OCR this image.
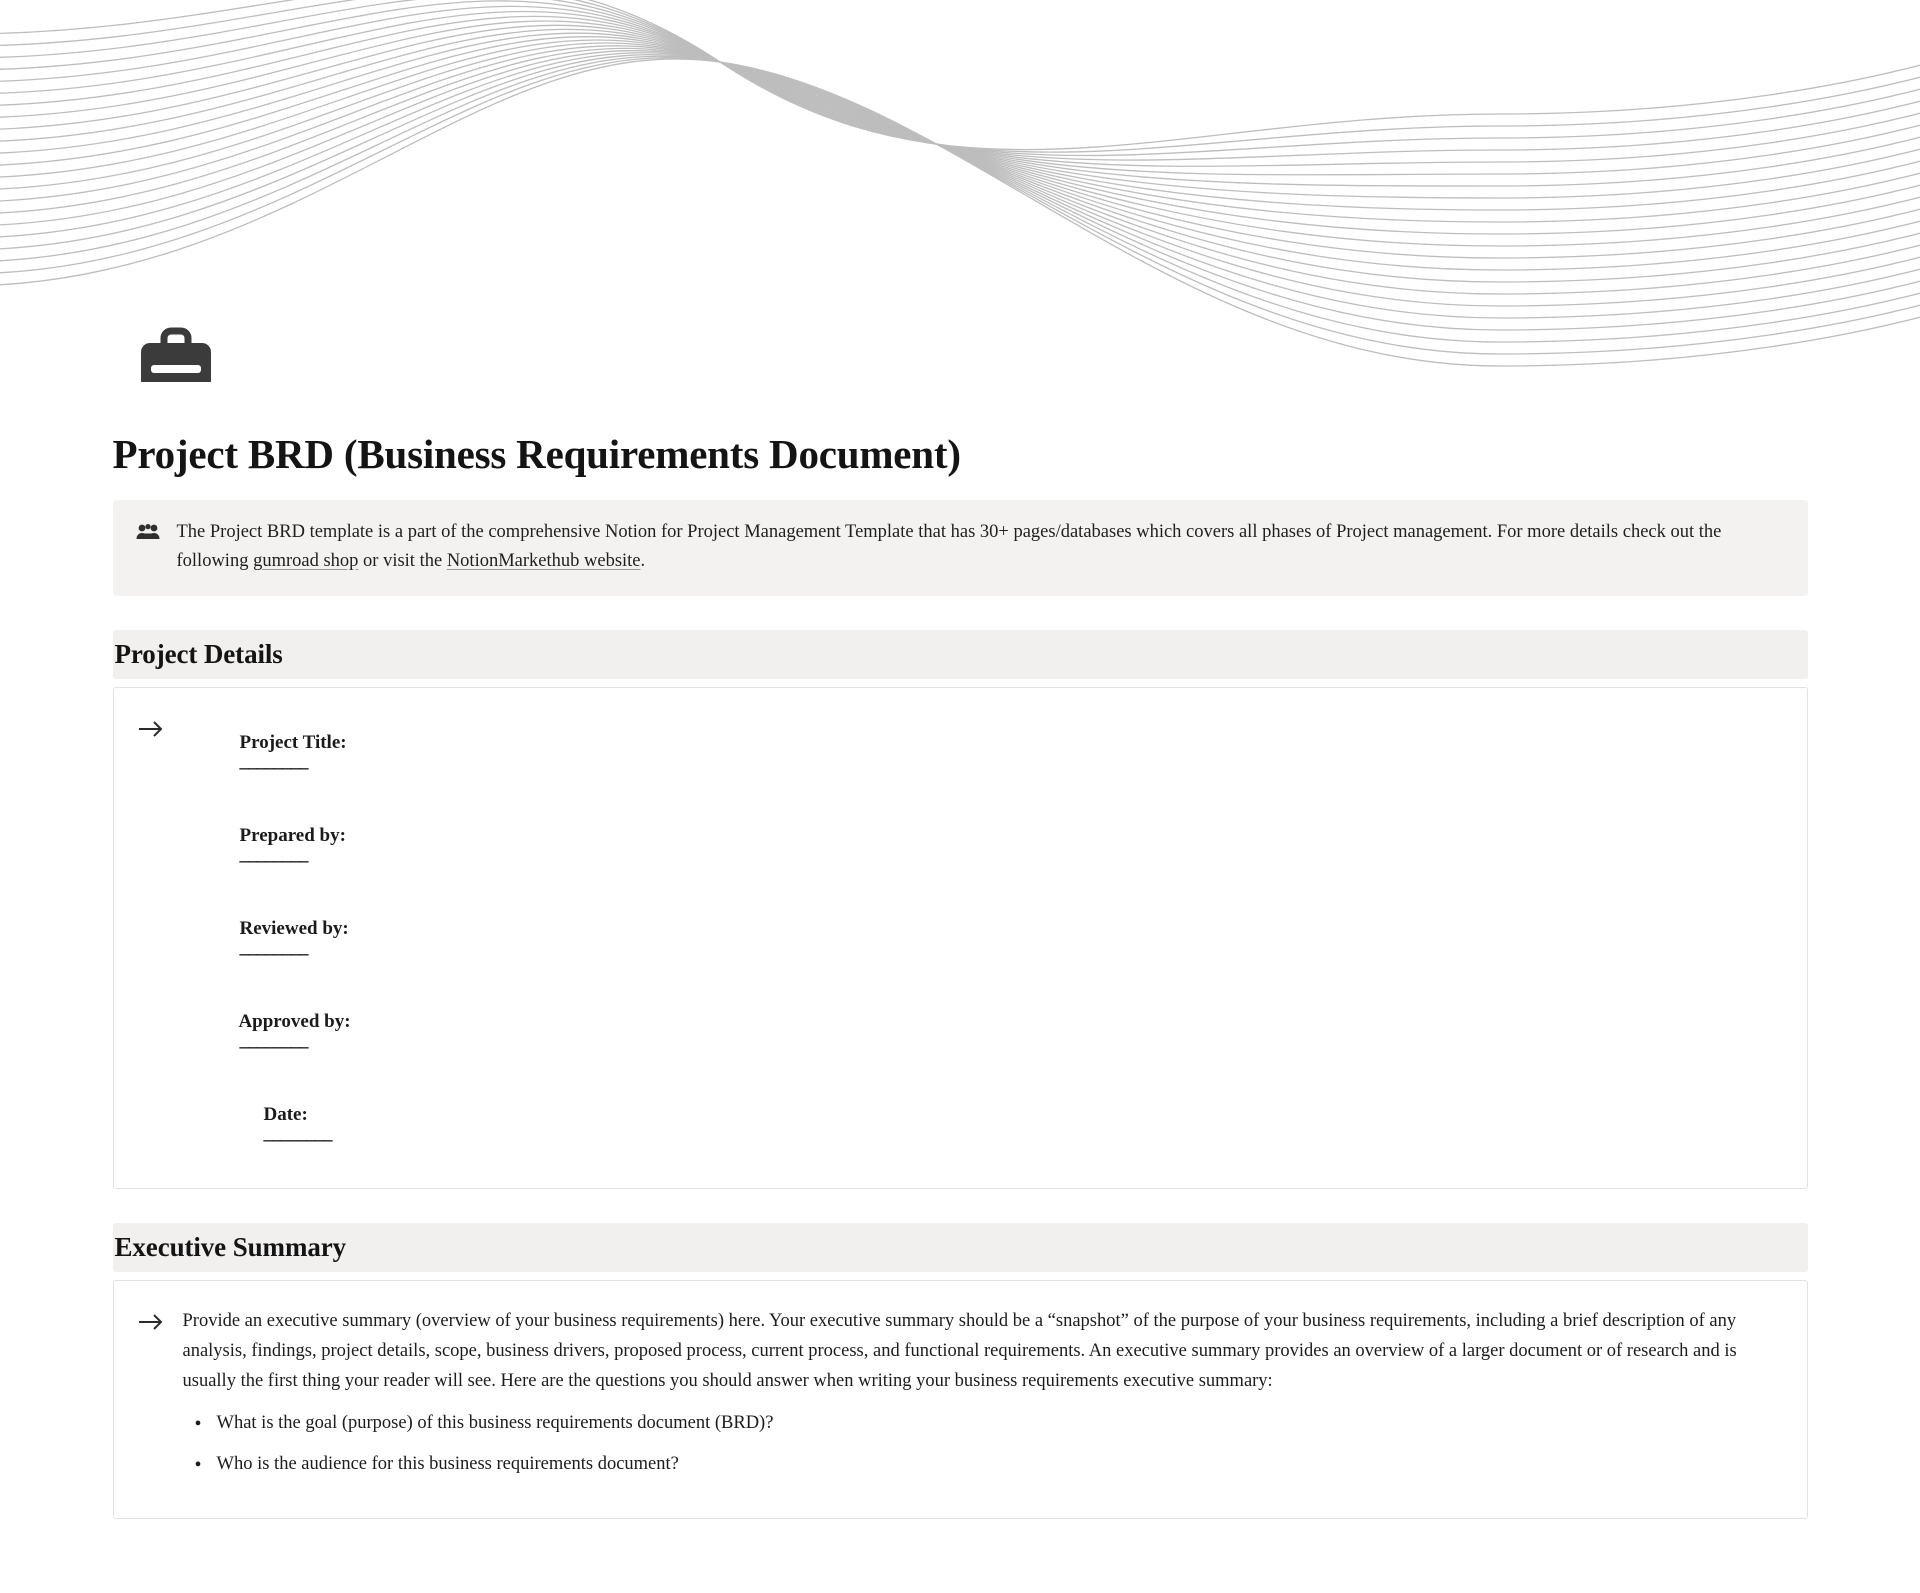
Project BRD (Business Requirements Document)
The Project BRD template is a part of the comprehensive Notion for Project Management Template that has 30+ pages/databases which covers all phases of Project management. For more details check out the following gumroad shop or visit the NotionMarkethub website.
Project Details

Project Title:
________

Prepared by:
________

Reviewed by:
________

Approved by:
________

Date:
________

Executive Summary

Provide an executive summary (overview of your business requirements) here. Your executive summary should be a “snapshot” of the purpose of your business requirements, including a brief description of any analysis, findings, project details, scope, business drivers, proposed process, current process, and functional requirements. An executive summary provides an overview of a larger document or of research and is usually the first thing your reader will see. Here are the questions you should answer when writing your business requirements executive summary:

• What is the goal (purpose) of this business requirements document (BRD)?
• Who is the audience for this business requirements document?
